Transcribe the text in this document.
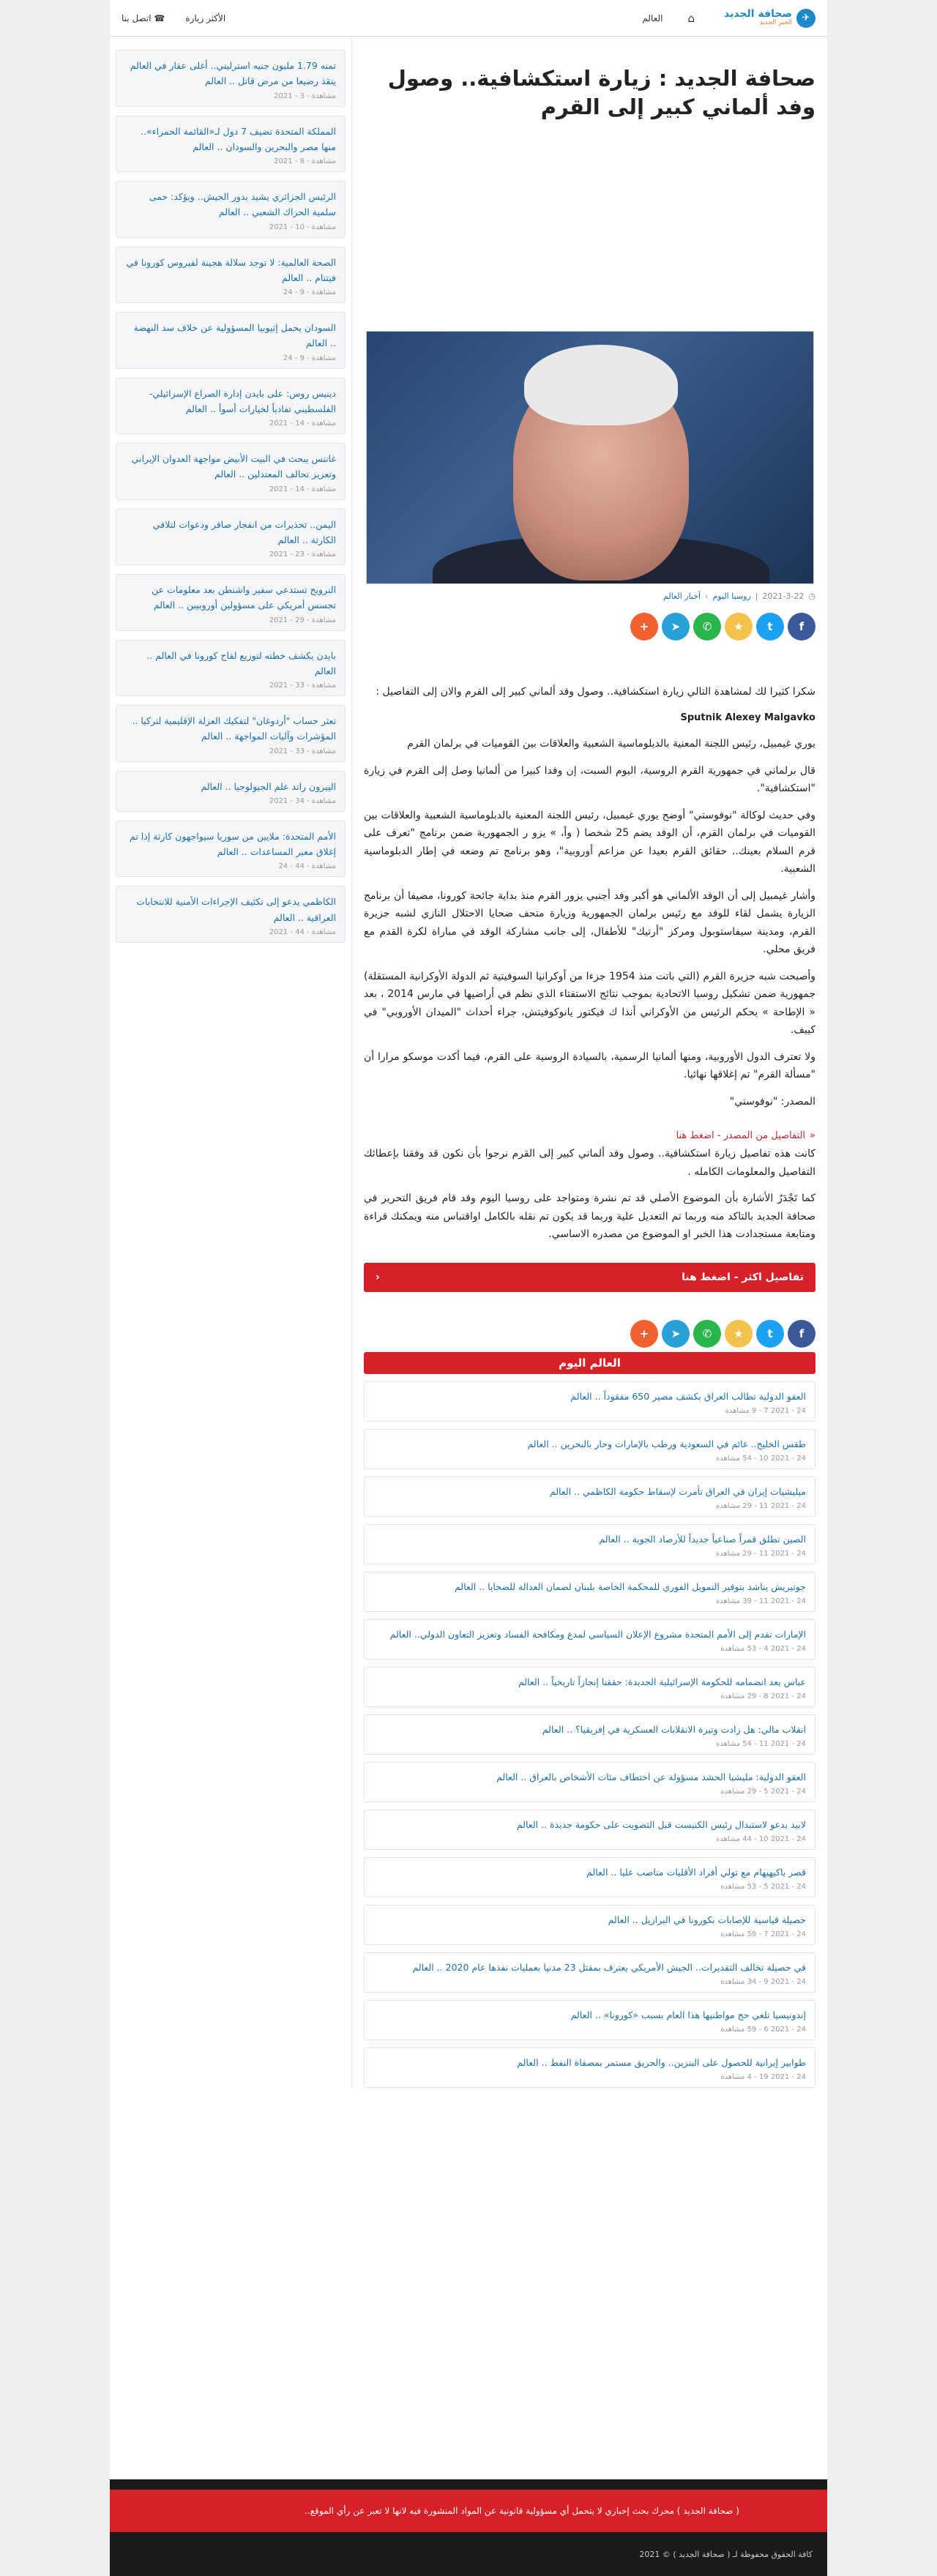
✈
صحافة الجديد
الخبر الجديد
⌂
العالم
الأكثر زيارة
☎ اتصل بنا
صحافة الجديد : زيارة استكشافية.. وصول وفد ألماني كبير إلى القرم
◷
2021-3-22
|
روسيا اليوم
›
أخبار العالم
f
t
★
✆
➤
+

شكرا كثيرا لك لمشاهدة التالي زيارة استكشافية.. وصول وفد ألماني كبير إلى القرم والان إلى التفاصيل :

Sputnik Alexey Malgavko

يوري غيمبيل، رئيس اللجنة المعنية بالدبلوماسية الشعبية والعلاقات بين القوميات في برلمان القرم

قال برلماني في جمهورية القرم الروسية، اليوم السبت، إن وفدا كبيرا من ألمانيا وصل إلى القرم في زيارة "استكشافية".

وفي حديث لوكالة "نوفوستي" أوضح يوري غيمبيل، رئيس اللجنة المعنية بالدبلوماسية الشعبية والعلاقات بين القوميات في برلمان القرم، أن الوفد يضم 25 شخصا ( وأ، » يزو ر الجمهورية ضمن برنامج "تعرف على قرم السلام بعينك.. حقائق القرم بعيدا عن مزاعم أوروبية"، وهو برنامج تم وضعه في إطار الدبلوماسية الشعبية.

وأشار غيمبيل إلى أن الوفد الألماني هو أكبر وفد أجنبي يزور القرم منذ بداية جائحة كورونا، مضيفا أن برنامج الزيارة يشمل لقاء للوفد مع رئيس برلمان الجمهورية وزيارة متحف ضحايا الاحتلال النازي لشبه جزيرة القرم، ومدينة سيفاستوبول ومركز "أرتيك" للأطفال، إلى جانب مشاركة الوفد في مباراة لكرة القدم مع فريق محلي.

وأصبحت شبه جزيرة القرم (التي باتت منذ 1954 جزءا من أوكرانيا السوفيتية ثم الدولة الأوكرانية المستقلة) جمهورية ضمن تشكيل روسيا الاتحادية بموجب نتائج الاستفتاء الذي نظم في أراضيها في مارس 2014 ، بعد « الإطاحة » بحكم الرئيس من الأوكراني أنذا ك فيكتور يانوكوفيتش، جراء أحداث "الميدان الأوروبي" في كييف.

ولا تعترف الدول الأوروبية، ومنها ألمانيا الرسمية، بالسيادة الروسية على القرم، فيما أكدت موسكو مرارا أن "مسألة القرم" تم إغلاقها نهائيا.

المصدر: "نوفوستي"

«
التفاصيل من المصدر - اضغط هنا

كانت هذه تفاصيل زيارة استكشافية.. وصول وفد ألماني كبير إلى القرم نرجوا بأن نكون قد وفقنا بإعطائك التفاصيل والمعلومات الكامله .

كما تَجْدَرُ الأشارة بأن الموضوع الأصلي قد تم نشرة ومتواجد على روسيا اليوم وقد قام فريق التحرير في صحافة الجديد بالتاكد منه وربما تم التعديل علية وربما قد يكون تم نقله بالكامل اواقتباس منه ويمكنك قراءة ومتابعة مستجدادت هذا الخبر او الموضوع من مصدره الاساسي.

تفاصيل اكثر - اضغط هنا
‹
f
t
★
✆
➤
+
العالم اليوم
العفو الدولية تطالب العراق بكشف مصير 650 مفقوداً .. العالم
24 - 2021 7 - 9 مشاهدة
طقس الخليج.. غائم في السعودية ورطب بالإمارات وحار بالبحرين .. العالم
24 - 2021 10 - 54 مشاهدة
ميليشيات إيران في العراق تأمرت لإسقاط حكومة الكاظمي .. العالم
24 - 2021 11 - 29 مشاهدة
الصين تطلق قمراً صناعياً جديداً للأرصاد الجوية .. العالم
24 - 2021 11 - 29 مشاهدة
جوتيريش يناشد بتوفير التمويل الفوري للمحكمة الخاصة بلبنان لضمان العدالة للضحايا .. العالم
24 - 2021 11 - 39 مشاهدة
الإمارات تقدم إلى الأمم المتحدة مشروع الإعلان السياسي لمدع ومكافحة الفساد وتعزيز التعاون الدولي.. العالم
24 - 2021 4 - 53 مشاهدة
عباس يعد انضمامه للحكومة الإسرائيلية الجديدة: حققنا إنجازاً تاريخياً .. العالم
24 - 2021 8 - 29 مشاهدة
انقلاب مالي: هل زادت وتيرة الانقلابات العسكرية في إفريقيا؟ .. العالم
24 - 2021 11 - 54 مشاهدة
العفو الدولية: مليشيا الحشد مسؤولة عن اختطاف مئات الأشخاص بالعراق .. العالم
24 - 2021 5 - 29 مشاهدة
لابيد يدعو لاستبدال رئيس الكنيست قبل التصويت على حكومة جديدة .. العالم
24 - 2021 10 - 44 مشاهدة
قصر باكيهيهام مع تولي أفراد الأقليات مناصب عليا .. العالم
24 - 2021 5 - 53 مشاهدة
حصيلة قياسية للإصابات بكورونا في البرازيل .. العالم
24 - 2021 7 - 59 مشاهدة
في حصيلة تخالف التقديرات.. الجيش الأمريكي يعترف بمقتل 23 مدنيا بعمليات نفذها عام 2020 .. العالم
24 - 2021 9 - 34 مشاهدة
إندونيسيا تلغي حج مواطنيها هذا العام بسبب «كورونا» .. العالم
24 - 2021 6 - 59 مشاهدة
طوابير إيرانية للحصول على البنزين.. والحريق مستمر بمصفاة النفط .. العالم
24 - 2021 19 - 4 مشاهدة
تمنه 1.79 مليون جنيه استرليني.. أغلى عقار في العالم ينقذ رضيعا من مرض قاتل .. العالم
مشاهدة - 3 - 2021
المملكة المتحدة تضيف 7 دول لـ«القائمة الحمراء».. منها مصر والبحرين والسودان .. العالم
مشاهدة - 8 - 2021
الرئيس الجزائري يشيد بدور الجيش.. ويؤكد: حمى سلمية الحراك الشعبي .. العالم
مشاهدة - 10 - 2021
الصحة العالمية: لا توجد سلالة هجينة لفيروس كورونا في فيتنام .. العالم
مشاهدة - 9 - 24
السودان يحمل إثيوبيا المسؤولية عن خلاف سد النهضة .. العالم
مشاهدة - 9 - 24
دينيس روس: على بايدن إدارة الصراع الإسرائيلي-الفلسطيني تفادياً لخيارات أسوأ .. العالم
مشاهدة - 14 - 2021
غانتس يبحث في البيت الأبيض مواجهة العدوان الإيراني وتعزيز تحالف المعتدلين .. العالم
مشاهدة - 14 - 2021
اليمن.. تحذيرات من انفجار صافر ودعوات لتلافي الكارثة .. العالم
مشاهدة - 23 - 2021
النرويج تستدعي سفير واشنطن بعد معلومات عن تجسس أمريكي على مسؤولين أوروبيين .. العالم
مشاهدة - 29 - 2021
بايدن يكشف خطته لتوزيع لقاح كورونا في العالم .. العالم
مشاهدة - 33 - 2021
تعثر حساب "أردوغان" لتفكيك العزلة الإقليمية لتركيا .. المؤشرات وآليات المواجهة .. العالم
مشاهدة - 33 - 2021
الييرون راتد علم الجيولوجيا .. العالم
مشاهدة - 34 - 2021
الأمم المتحدة: ملايين من سوريا سيواجهون كارثة إذا تم إغلاق معبر المساعدات .. العالم
مشاهدة - 44 - 24
الكاظمي يدعو إلى تكثيف الإجراءات الأمنية للانتخابات العراقية .. العالم
مشاهدة - 44 - 2021
( صحافة الجديد ) محرك بحث إخباري لا يتحمل أي مسؤولية قانونية عن المواد المنشورة فيه لانها لا تعبر عن رأي الموقع..
كافة الحقوق محفوظة لـ ( صحافة الجديد ) © 2021
